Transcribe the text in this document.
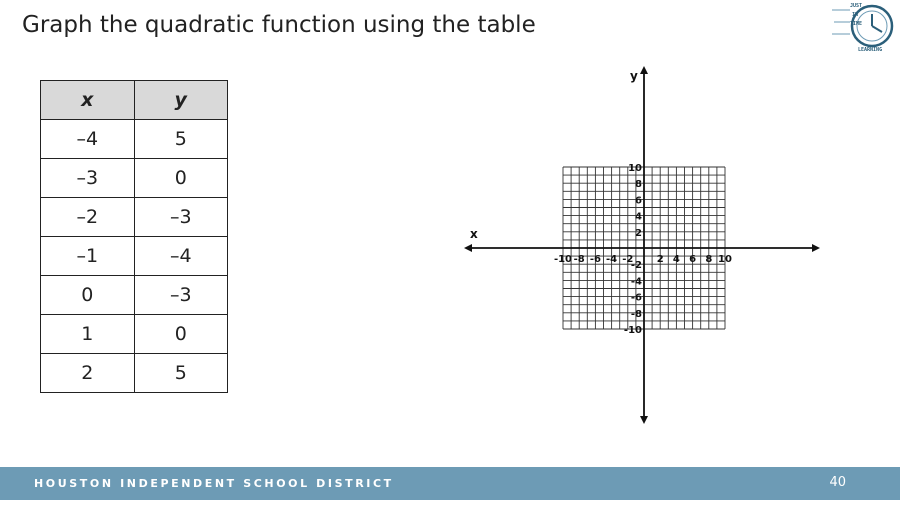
Graph the quadratic function using the table
JUST
IN
TIME
LEARNING
x	y
–4	5
–3	0
–2	–3
–1	–4
0	–3
1	0
2	5
x
y
-10 -8 -6 -4 -2 2 4 6 8 10
10
8
6
4
2
-2
-4
-6
-8
-10
HOUSTON INDEPENDENT SCHOOL DISTRICT	40
